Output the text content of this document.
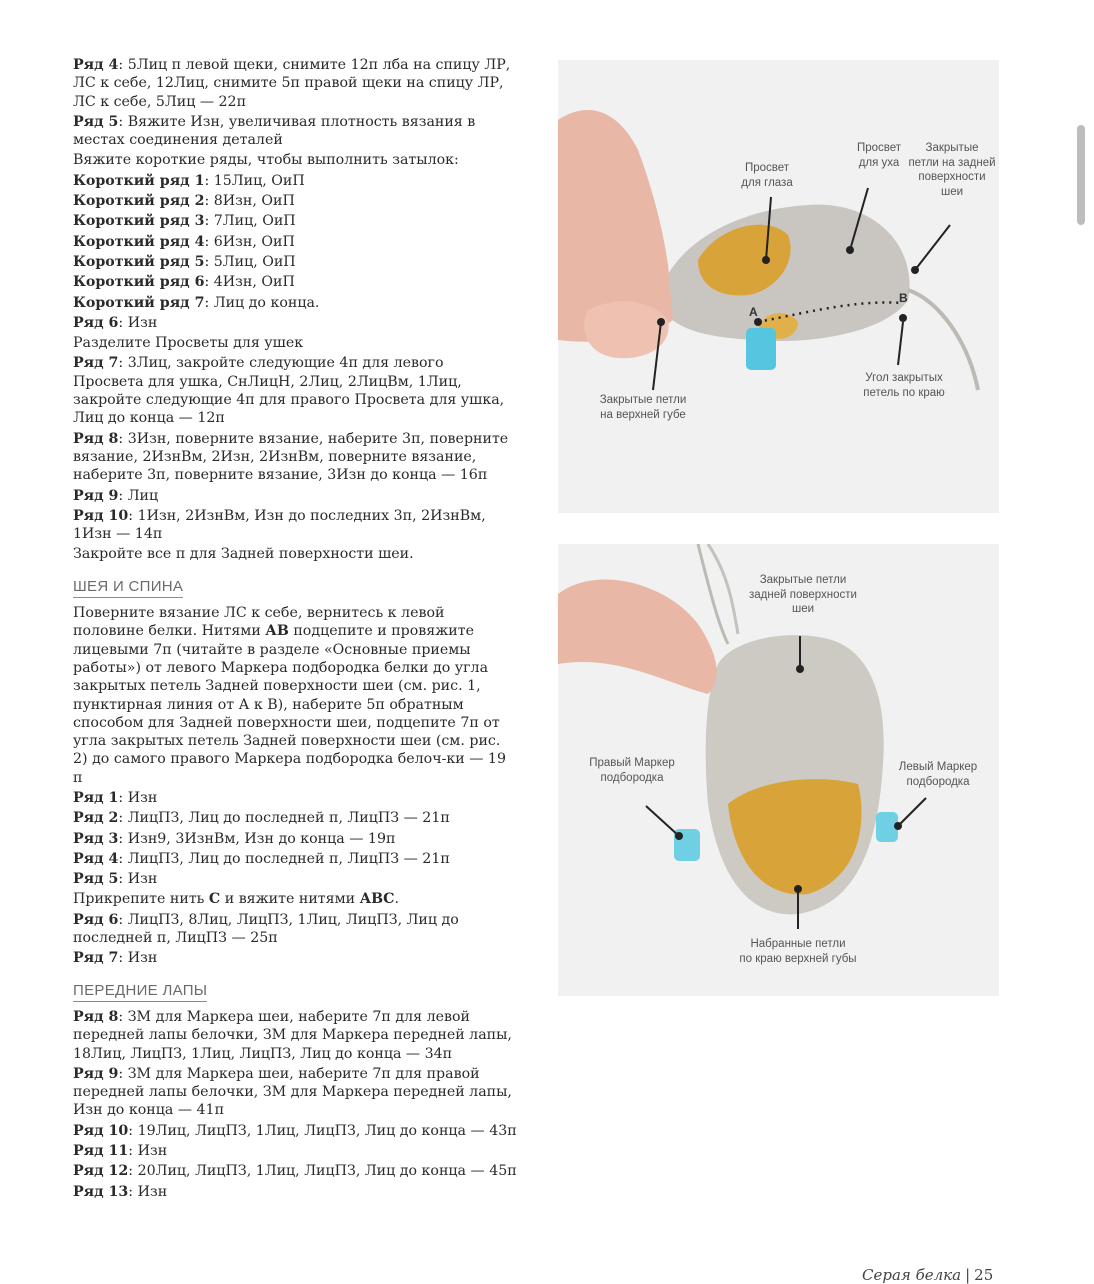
Ряд 4: 5Лиц п левой щеки, снимите 12п лба на спицу ЛР, ЛС к себе, 12Лиц, снимите 5п правой щеки на спицу ЛР, ЛС к себе, 5Лиц — 22п
Ряд 5: Вяжите Изн, увеличивая плотность вязания в местах соединения деталей
Вяжите короткие ряды, чтобы выполнить затылок:
Короткий ряд 1: 15Лиц, ОиП
Короткий ряд 2: 8Изн, ОиП
Короткий ряд 3: 7Лиц, ОиП
Короткий ряд 4: 6Изн, ОиП
Короткий ряд 5: 5Лиц, ОиП
Короткий ряд 6: 4Изн, ОиП
Короткий ряд 7: Лиц до конца.
Ряд 6: Изн
Разделите Просветы для ушек
Ряд 7: 3Лиц, закройте следующие 4п для левого Просвета для ушка, СнЛицН, 2Лиц, 2ЛицВм, 1Лиц, закройте следующие 4п для правого Просвета для ушка, Лиц до конца — 12п
Ряд 8: 3Изн, поверните вязание, наберите 3п, поверните вязание, 2ИзнВм, 2Изн, 2ИзнВм, поверните вязание, наберите 3п, поверните вязание, 3Изн до конца — 16п
Ряд 9: Лиц
Ряд 10: 1Изн, 2ИзнВм, Изн до последних 3п, 2ИзнВм, 1Изн — 14п
Закройте все п для Задней поверхности шеи.
ШЕЯ И СПИНА
Поверните вязание ЛС к себе, вернитесь к левой половине белки. Нитями АВ подцепите и провяжите лицевыми 7п (читайте в разделе «Основные приемы работы») от левого Маркера подбородка белки до угла закрытых петель Задней поверхности шеи (см. рис. 1, пунктирная линия от А к В), наберите 5п обратным способом для Задней поверхности шеи, подцепите 7п от угла закрытых петель Задней поверхности шеи (см. рис. 2) до самого правого Маркера подбородка белоч-ки — 19 п
Ряд 1: Изн
Ряд 2: ЛицПЗ, Лиц до последней п, ЛицПЗ — 21п
Ряд 3: Изн9, 3ИзнВм, Изн до конца — 19п
Ряд 4: ЛицПЗ, Лиц до последней п, ЛицПЗ — 21п
Ряд 5: Изн
Прикрепите нить С и вяжите нитями АВС.
Ряд 6: ЛицПЗ, 8Лиц, ЛицПЗ, 1Лиц, ЛицПЗ, Лиц до последней п, ЛицПЗ — 25п
Ряд 7: Изн
ПЕРЕДНИЕ ЛАПЫ
Ряд 8: ЗМ для Маркера шеи, наберите 7п для левой передней лапы белочки, ЗМ для Маркера передней лапы, 18Лиц, ЛицПЗ, 1Лиц, ЛицПЗ, Лиц до конца — 34п
Ряд 9: ЗМ для Маркера шеи, наберите 7п для правой передней лапы белочки, ЗМ для Маркера передней лапы, Изн до конца — 41п
Ряд 10: 19Лиц, ЛицПЗ, 1Лиц, ЛицПЗ, Лиц до конца — 43п
Ряд 11: Изн
Ряд 12: 20Лиц, ЛицПЗ, 1Лиц, ЛицПЗ, Лиц до конца — 45п
Ряд 13: Изн
Просвет
для глаза
Просвет
для уха
Закрытые
петли на задней
поверхности
шеи
Закрытые петли
на верхней губе
Угол закрытых
петель по краю
A
B
Закрытые петли
задней поверхности
шеи
Правый Маркер
подбородка
Левый Маркер
подбородка
Набранные петли
по краю верхней губы
Серая белка | 25
